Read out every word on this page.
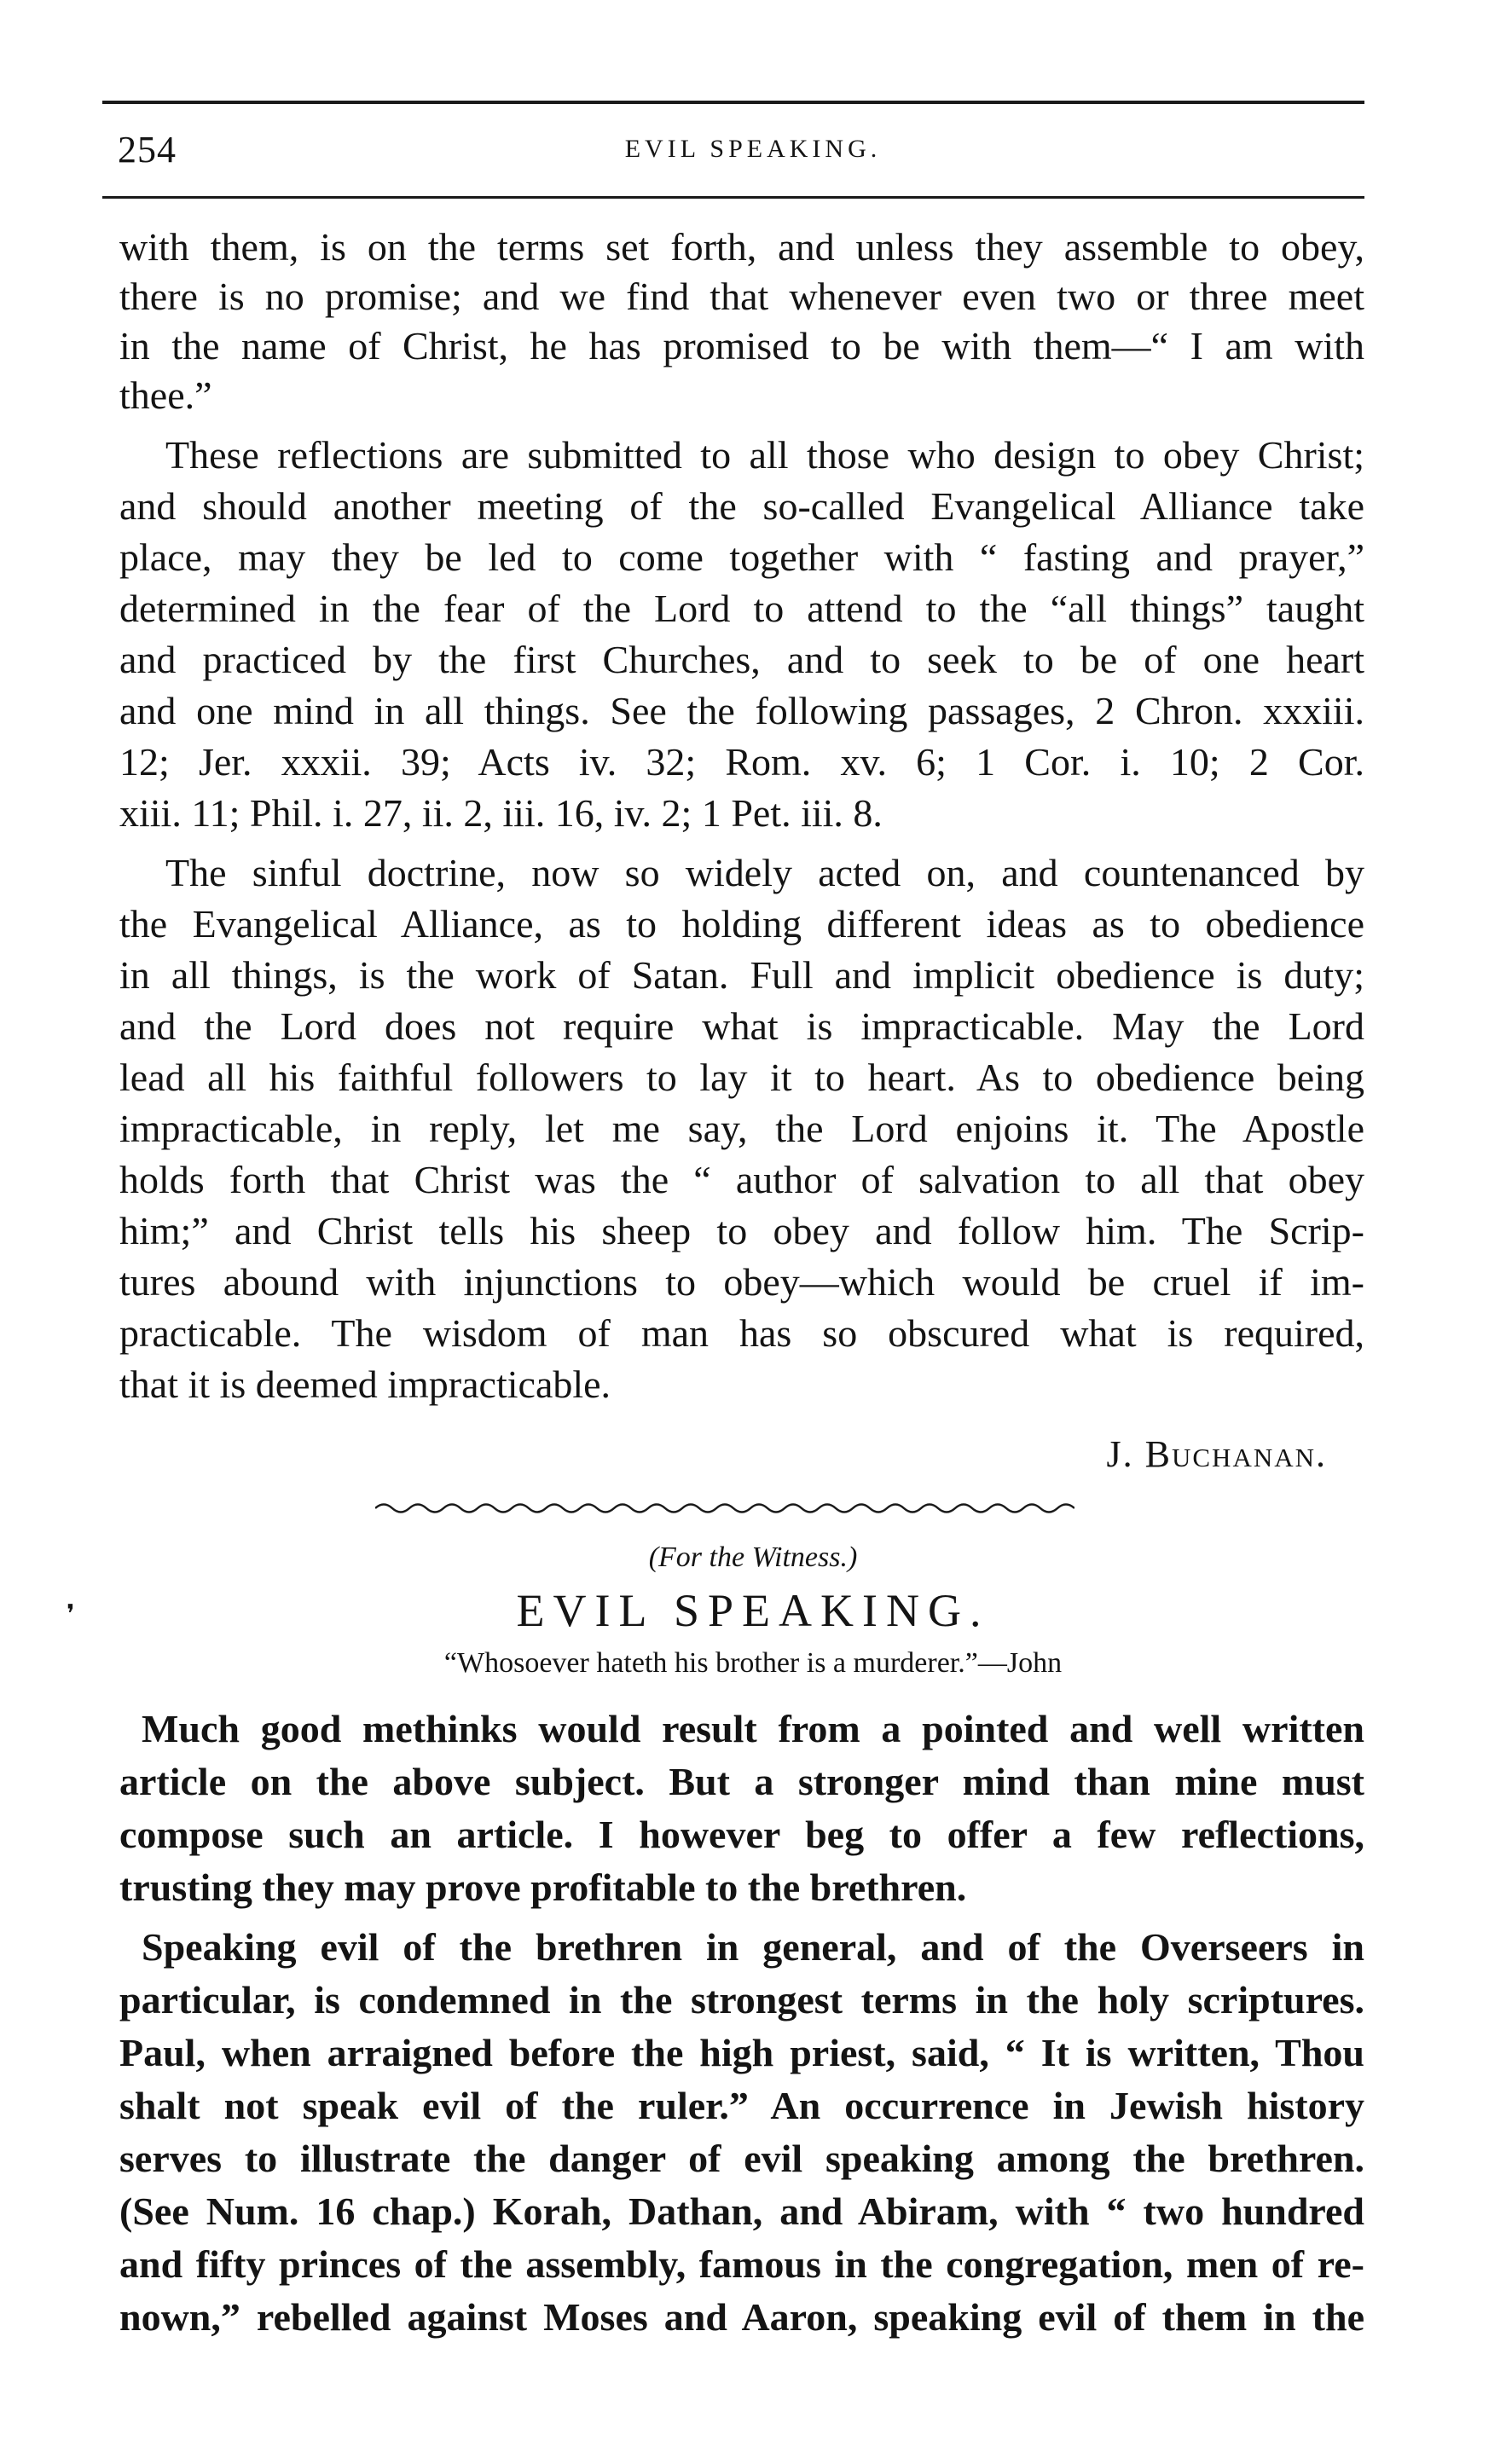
254	EVIL SPEAKING.
with them, is on the terms set forth, and unless they assemble to obey,
there is no promise; and we find that whenever even two or three meet
in the name of Christ, he has promised to be with them—“ I am with
thee.”
These reflections are submitted to all those who design to obey Christ;
and should another meeting of the so-called Evangelical Alliance take
place, may they be led to come together with “ fasting and prayer,”
determined in the fear of the Lord to attend to the “all things” taught
and practiced by the first Churches, and to seek to be of one heart
and one mind in all things. See the following passages, 2 Chron. xxxiii.
12; Jer. xxxii. 39; Acts iv. 32; Rom. xv. 6; 1 Cor. i. 10; 2 Cor.
xiii. 11; Phil. i. 27, ii. 2, iii. 16, iv. 2; 1 Pet. iii. 8.
The sinful doctrine, now so widely acted on, and countenanced by
the Evangelical Alliance, as to holding different ideas as to obedience
in all things, is the work of Satan. Full and implicit obedience is duty;
and the Lord does not require what is impracticable. May the Lord
lead all his faithful followers to lay it to heart. As to obedience being
impracticable, in reply, let me say, the Lord enjoins it. The Apostle
holds forth that Christ was the “ author of salvation to all that obey
him;” and Christ tells his sheep to obey and follow him. The Scrip-
tures abound with injunctions to obey—which would be cruel if im-
practicable. The wisdom of man has so obscured what is required,
that it is deemed impracticable.
J. Buchanan.
(For the Witness.)
❜	EVIL SPEAKING.
“Whosoever hateth his brother is a murderer.”—John
Much good methinks would result from a pointed and well written
article on the above subject. But a stronger mind than mine must
compose such an article. I however beg to offer a few reflections,
trusting they may prove profitable to the brethren.
Speaking evil of the brethren in general, and of the Overseers in
particular, is condemned in the strongest terms in the holy scriptures.
Paul, when arraigned before the high priest, said, “ It is written, Thou
shalt not speak evil of the ruler.” An occurrence in Jewish history
serves to illustrate the danger of evil speaking among the brethren.
(See Num. 16 chap.) Korah, Dathan, and Abiram, with “ two hundred
and fifty princes of the assembly, famous in the congregation, men of re-
nown,” rebelled against Moses and Aaron, speaking evil of them in the
